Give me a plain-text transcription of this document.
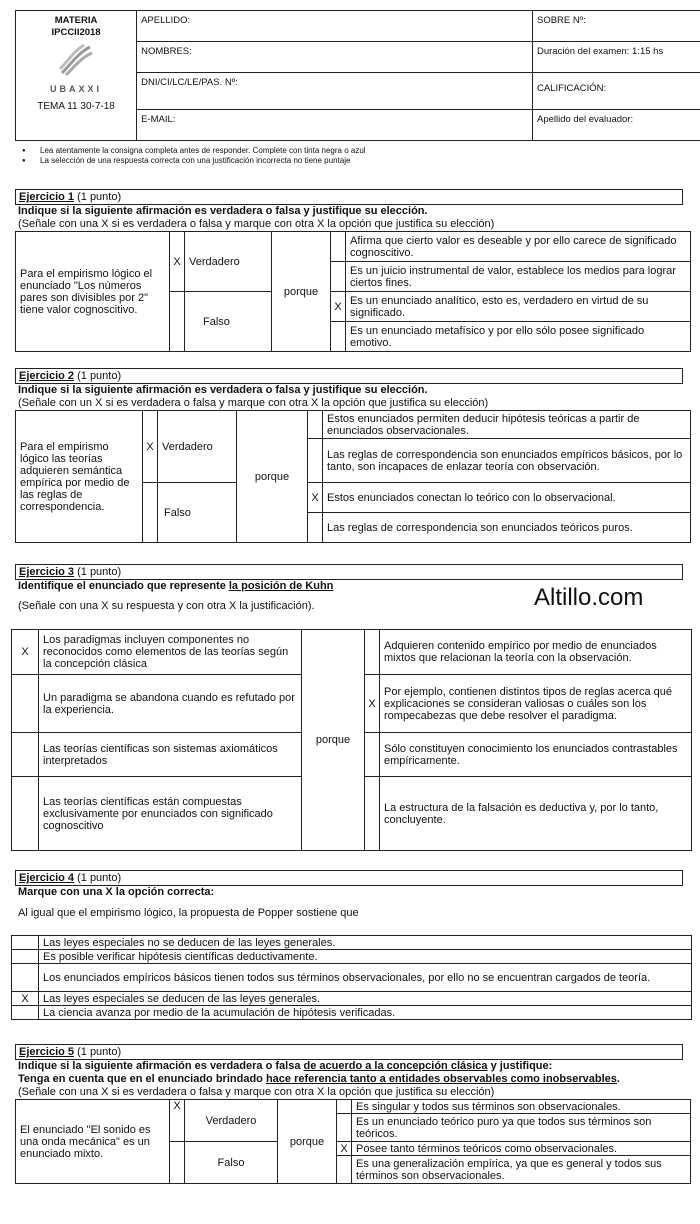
MATERIA
IPCCII2018
UBAXXI
TEMA 11 30-7-18	APELLIDO:	SOBRE Nº:
	NOMBRES:	Duración del examen: 1:15 hs
	DNI/CI/LC/LE/PAS. Nº:	CALIFICACIÓN:
	E-MAIL:	Apellido del evaluador:
● Lea atentamente la consigna completa antes de responder. Complete con tinta negra o azul
● La selección de una respuesta correcta con una justificación incorrecta no tiene puntaje
Ejercicio 1 (1 punto)
Indique si la siguiente afirmación es verdadera o falsa y justifique su elección.
(Señale con una X si es verdadera o falsa y marque con otra X la opción que justifica su elección)
Para el empirismo lógico el enunciado "Los números pares son divisibles por 2" tiene valor cognoscitivo.	X	Verdadero	porque		Afirma que cierto valor es deseable y por ello carece de significado cognoscitivo.
					Es un juicio instrumental de valor, establece los medios para lograr ciertos fines.
		Falso		X	Es un enunciado analítico, esto es, verdadero en virtud de su significado.
					Es un enunciado metafísico y por ello sólo posee significado emotivo.
Ejercicio 2 (1 punto)
Indique si la siguiente afirmación es verdadera o falsa y justifique su elección.
(Señale con un X si es verdadera o falsa y marque con otra X la opción que justifica su elección)
Para el empirismo lógico las teorías adquieren semántica empírica por medio de las reglas de correspondencia.	X	Verdadero	porque		Estos enunciados permiten deducir hipótesis teóricas a partir de enunciados observacionales.
					Las reglas de correspondencia son enunciados empíricos básicos, por lo tanto, son incapaces de enlazar teoría con observación.
		Falso		X	Estos enunciados conectan lo teórico con lo observacional.
					Las reglas de correspondencia son enunciados teóricos puros.
Ejercicio 3 (1 punto)
Identifique el enunciado que represente la posición de Kuhn
(Señale con una X su respuesta y con otra X la justificación).	Altillo.com
X	Los paradigmas incluyen componentes no reconocidos como elementos de las teorías según la concepción clásica	porque		Adquieren contenido empírico por medio de enunciados mixtos que relacionan la teoría con la observación.
	Un paradigma se abandona cuando es refutado por la experiencia.		X	Por ejemplo, contienen distintos tipos de reglas acerca qué explicaciones se consideran valiosas o cuáles son los rompecabezas que debe resolver el paradigma.
	Las teorías científicas son sistemas axiomáticos interpretados			Sólo constituyen conocimiento los enunciados contrastables empíricamente.
	Las teorías científicas están compuestas exclusivamente por enunciados con significado cognoscitivo			La estructura de la falsación es deductiva y, por lo tanto, concluyente.
Ejercicio 4 (1 punto)
Marque con una X la opción correcta:
Al igual que el empirismo lógico, la propuesta de Popper sostiene que
	Las leyes especiales no se deducen de las leyes generales.
	Es posible verificar hipótesis científicas deductivamente.
	Los enunciados empíricos básicos tienen todos sus términos observacionales, por ello no se encuentran cargados de teoría.
X	Las leyes especiales se deducen de las leyes generales.
	La ciencia avanza por medio de la acumulación de hipótesis verificadas.
Ejercicio 5 (1 punto)
Indique si la siguiente afirmación es verdadera o falsa de acuerdo a la concepción clásica y justifique:
Tenga en cuenta que en el enunciado brindado hace referencia tanto a entidades observables como inobservables.
(Señale con una X si es verdadera o falsa y marque con otra X la opción que justifica su elección)
El enunciado "El sonido es una onda mecánica" es un enunciado mixto.	X	Verdadero	porque		Es singular y todos sus términos son observacionales.
					Es un enunciado teórico puro ya que todos sus términos son teóricos.
		Falso		X	Posee tanto términos teóricos como observacionales.
					Es una generalización empírica, ya que es general y todos sus términos son observacionales.
